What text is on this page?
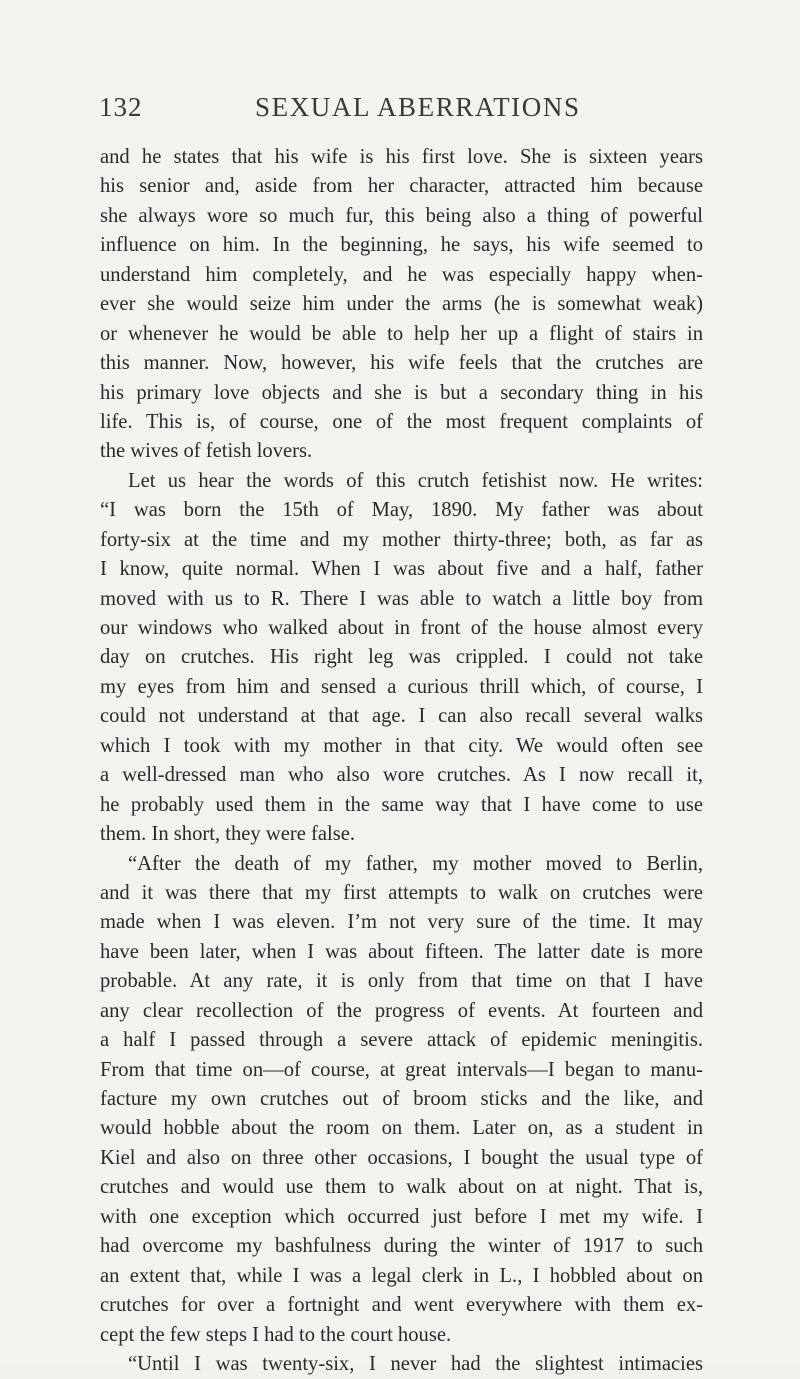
132	SEXUAL ABERRATIONS
and he states that his wife is his first love. She is sixteen years
his senior and, aside from her character, attracted him because
she always wore so much fur, this being also a thing of powerful
influence on him. In the beginning, he says, his wife seemed to
understand him completely, and he was especially happy when-
ever she would seize him under the arms (he is somewhat weak)
or whenever he would be able to help her up a flight of stairs in
this manner. Now, however, his wife feels that the crutches are
his primary love objects and she is but a secondary thing in his
life. This is, of course, one of the most frequent complaints of
the wives of fetish lovers.
Let us hear the words of this crutch fetishist now. He writes:
“I was born the 15th of May, 1890. My father was about
forty-six at the time and my mother thirty-three; both, as far as
I know, quite normal. When I was about five and a half, father
moved with us to R. There I was able to watch a little boy from
our windows who walked about in front of the house almost every
day on crutches. His right leg was crippled. I could not take
my eyes from him and sensed a curious thrill which, of course, I
could not understand at that age. I can also recall several walks
which I took with my mother in that city. We would often see
a well-dressed man who also wore crutches. As I now recall it,
he probably used them in the same way that I have come to use
them. In short, they were false.
“After the death of my father, my mother moved to Berlin,
and it was there that my first attempts to walk on crutches were
made when I was eleven. I’m not very sure of the time. It may
have been later, when I was about fifteen. The latter date is more
probable. At any rate, it is only from that time on that I have
any clear recollection of the progress of events. At fourteen and
a half I passed through a severe attack of epidemic meningitis.
From that time on—of course, at great intervals—I began to manu-
facture my own crutches out of broom sticks and the like, and
would hobble about the room on them. Later on, as a student in
Kiel and also on three other occasions, I bought the usual type of
crutches and would use them to walk about on at night. That is,
with one exception which occurred just before I met my wife. I
had overcome my bashfulness during the winter of 1917 to such
an extent that, while I was a legal clerk in L., I hobbled about on
crutches for over a fortnight and went everywhere with them ex-
cept the few steps I had to the court house.
“Until I was twenty-six, I never had the slightest intimacies
